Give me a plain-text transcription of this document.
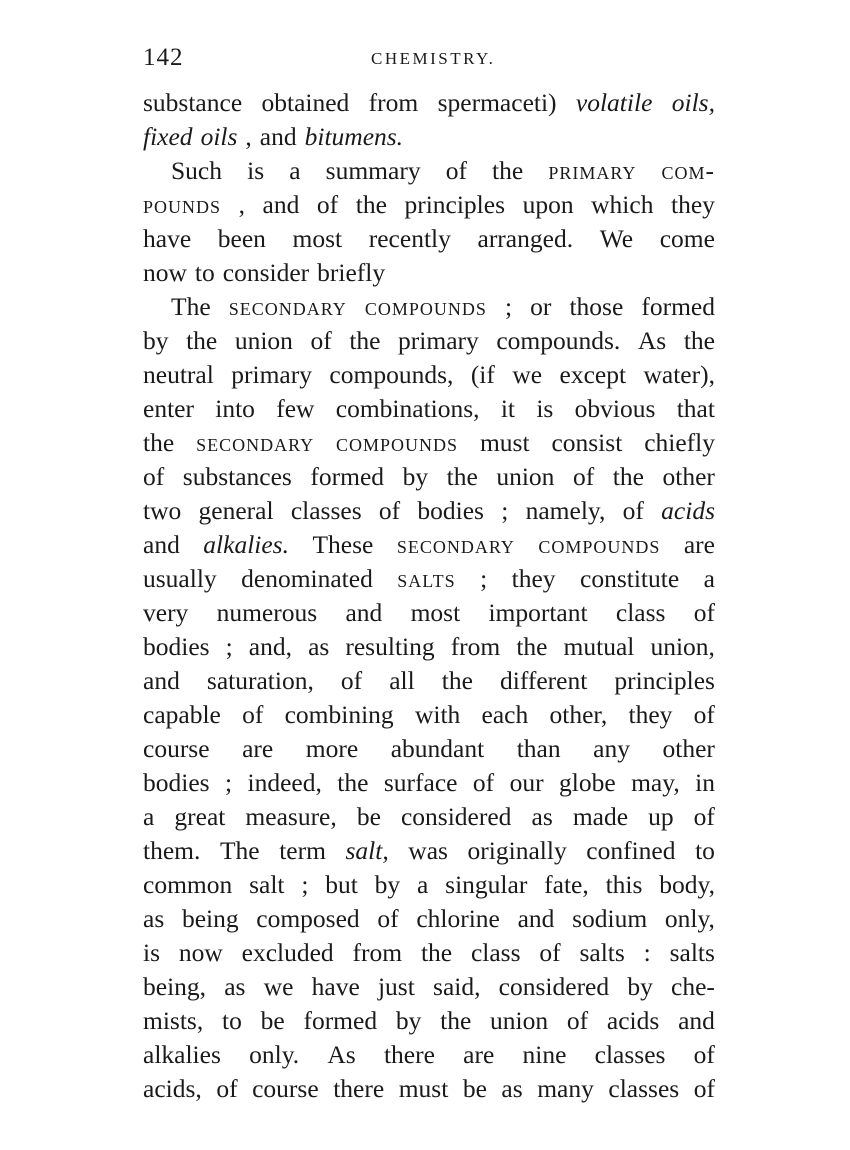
142	CHEMISTRY.
substance obtained from spermaceti) volatile oils,
fixed oils , and bitumens.
Such is a summary of the primary com-
pounds , and of the principles upon which they
have been most recently arranged. We come
now to consider briefly
The secondary compounds ; or those formed
by the union of the primary compounds. As the
neutral primary compounds, (if we except water),
enter into few combinations, it is obvious that
the secondary compounds must consist chiefly
of substances formed by the union of the other
two general classes of bodies ; namely, of acids
and alkalies. These secondary compounds are
usually denominated salts ; they constitute a
very numerous and most important class of
bodies ; and, as resulting from the mutual union,
and saturation, of all the different principles
capable of combining with each other, they of
course are more abundant than any other
bodies ; indeed, the surface of our globe may, in
a great measure, be considered as made up of
them. The term salt, was originally confined to
common salt ; but by a singular fate, this body,
as being composed of chlorine and sodium only,
is now excluded from the class of salts : salts
being, as we have just said, considered by che-
mists, to be formed by the union of acids and
alkalies only. As there are nine classes of
acids, of course there must be as many classes of
